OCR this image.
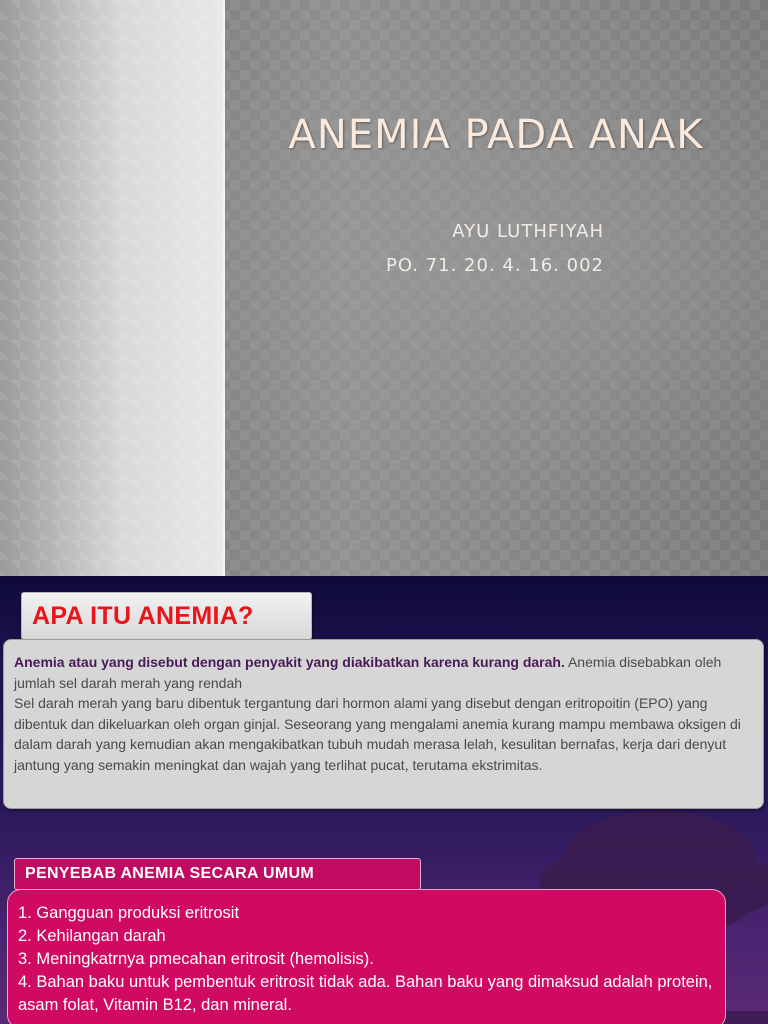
ANEMIA PADA ANAK
AYU LUTHFIYAH
PO. 71. 20. 4. 16. 002
APA ITU ANEMIA?
Anemia atau yang disebut dengan penyakit yang diakibatkan karena kurang darah. Anemia disebabkan oleh jumlah sel darah merah yang rendah
Sel darah merah yang baru dibentuk tergantung dari hormon alami yang disebut dengan eritropoitin (EPO) yang dibentuk dan dikeluarkan oleh organ ginjal. Seseorang yang mengalami anemia kurang mampu membawa oksigen di dalam darah yang kemudian akan mengakibatkan tubuh mudah merasa lelah, kesulitan bernafas, kerja dari denyut jantung yang semakin meningkat dan wajah yang terlihat pucat, terutama ekstrimitas.
PENYEBAB ANEMIA SECARA UMUM
1. Gangguan produksi eritrosit
2. Kehilangan darah
3. Meningkatrnya pmecahan eritrosit (hemolisis).
4. Bahan baku untuk pembentuk eritrosit tidak ada. Bahan baku yang dimaksud adalah protein, asam folat, Vitamin B12, dan mineral.
